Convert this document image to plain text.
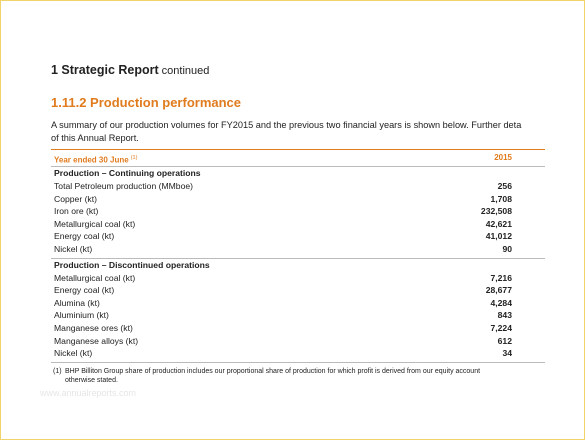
1 Strategic Report continued
1.11.2 Production performance
A summary of our production volumes for FY2015 and the previous two financial years is shown below. Further deta
of this Annual Report.
Year ended 30 June $^{(1)}$	2015
Production – Continuing operations
Total Petroleum production (MMboe)	256
Copper (kt)	1,708
Iron ore (kt)	232,508
Metallurgical coal (kt)	42,621
Energy coal (kt)	41,012
Nickel (kt)	90
Production – Discontinued operations
Metallurgical coal (kt)	7,216
Energy coal (kt)	28,677
Alumina (kt)	4,284
Aluminium (kt)	843
Manganese ores (kt)	7,224
Manganese alloys (kt)	612
Nickel (kt)	34
(1) BHP Billiton Group share of production includes our proportional share of production for which profit is derived from our equity account
otherwise stated.
www.annualreports.com
